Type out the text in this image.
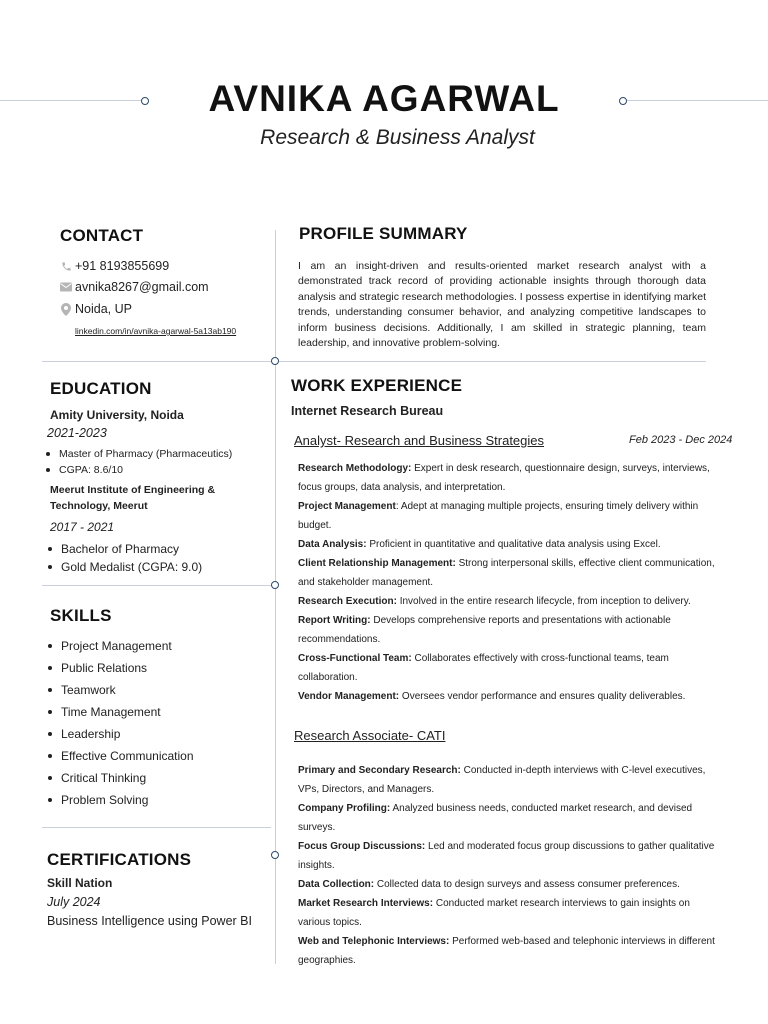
AVNIKA AGARWAL
Research & Business Analyst
CONTACT
+91 8193855699
avnika8267@gmail.com
Noida, UP
linkedin.com/in/avnika-agarwal-5a13ab190
EDUCATION
Amity University, Noida
2021-2023
Master of Pharmacy (Pharmaceutics)
CGPA: 8.6/10
Meerut Institute of Engineering &
Technology, Meerut
2017 - 2021
Bachelor of Pharmacy
Gold Medalist (CGPA: 9.0)
SKILLS
Project Management
Public Relations
Teamwork
Time Management
Leadership
Effective Communication
Critical Thinking
Problem Solving
CERTIFICATIONS
Skill Nation
July 2024
Business Intelligence using Power BI
PROFILE SUMMARY
I am an insight-driven and results-oriented market research analyst with a demonstrated track record of providing actionable insights through thorough data analysis and strategic research methodologies. I possess expertise in identifying market trends, understanding consumer behavior, and analyzing competitive landscapes to inform business decisions. Additionally, I am skilled in strategic planning, team leadership, and innovative problem-solving.
WORK EXPERIENCE
Internet Research Bureau
Analyst- Research and Business Strategies	Feb 2023 - Dec 2024

Research Methodology: Expert in desk research, questionnaire design, surveys, interviews, focus groups, data analysis, and interpretation.

Project Management: Adept at managing multiple projects, ensuring timely delivery within budget.

Data Analysis: Proficient in quantitative and qualitative data analysis using Excel.

Client Relationship Management: Strong interpersonal skills, effective client communication, and stakeholder management.

Research Execution: Involved in the entire research lifecycle, from inception to delivery.

Report Writing: Develops comprehensive reports and presentations with actionable recommendations.

Cross-Functional Team: Collaborates effectively with cross-functional teams, team collaboration.

Vendor Management: Oversees vendor performance and ensures quality deliverables.

Research Associate- CATI

Primary and Secondary Research: Conducted in-depth interviews with C-level executives, VPs, Directors, and Managers.

Company Profiling: Analyzed business needs, conducted market research, and devised surveys.

Focus Group Discussions: Led and moderated focus group discussions to gather qualitative insights.

Data Collection: Collected data to design surveys and assess consumer preferences.

Market Research Interviews: Conducted market research interviews to gain insights on various topics.

Web and Telephonic Interviews: Performed web-based and telephonic interviews in different geographies.
